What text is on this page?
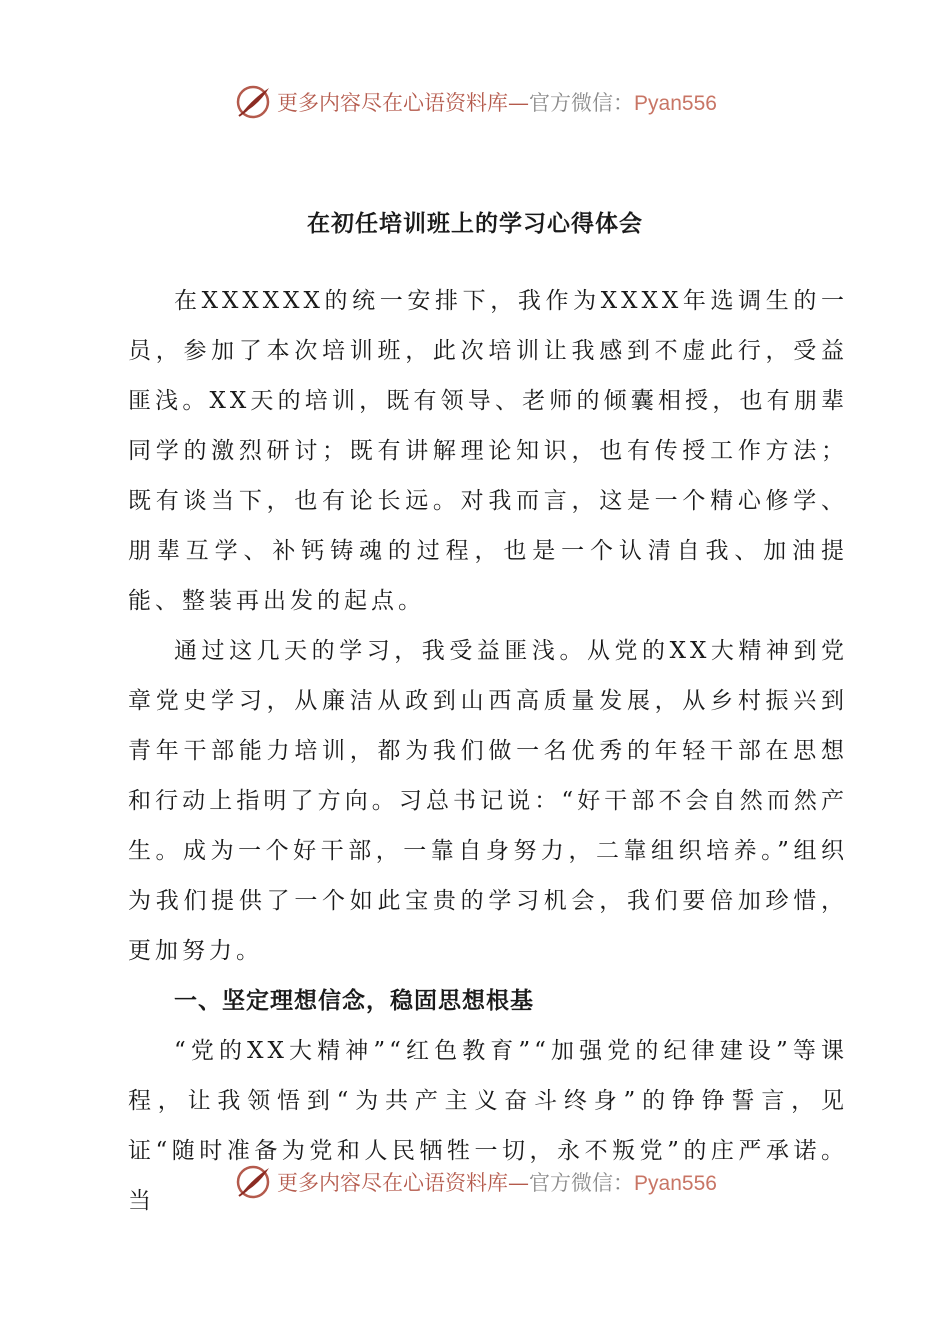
更多内容尽在心语资料库—官方微信：Pyan556
在初任培训班上的学习心得体会

在XXXXXX的统一安排下，我作为XXXX年选调生的一员，参加了本次培训班，此次培训让我感到不虚此行，受益匪浅。XX天的培训，既有领导、老师的倾囊相授，也有朋辈同学的激烈研讨；既有讲解理论知识，也有传授工作方法；既有谈当下，也有论长远。对我而言，这是一个精心修学、朋辈互学、补钙铸魂的过程，也是一个认清自我、加油提能、整装再出发的起点。

通过这几天的学习，我受益匪浅。从党的XX大精神到党章党史学习，从廉洁从政到山西高质量发展，从乡村振兴到青年干部能力培训，都为我们做一名优秀的年轻干部在思想和行动上指明了方向。习总书记说：“好干部不会自然而然产生。成为一个好干部，一靠自身努力，二靠组织培养。”组织为我们提供了一个如此宝贵的学习机会，我们要倍加珍惜，更加努力。

一、坚定理想信念，稳固思想根基

“党的XX大精神”“红色教育”“加强党的纪律建设”等课程，让我领悟到“为共产主义奋斗终身”的铮铮誓言，见证“随时准备为党和人民牺牲一切，永不叛党”的庄严承诺。当

更多内容尽在心语资料库—官方微信：Pyan556
